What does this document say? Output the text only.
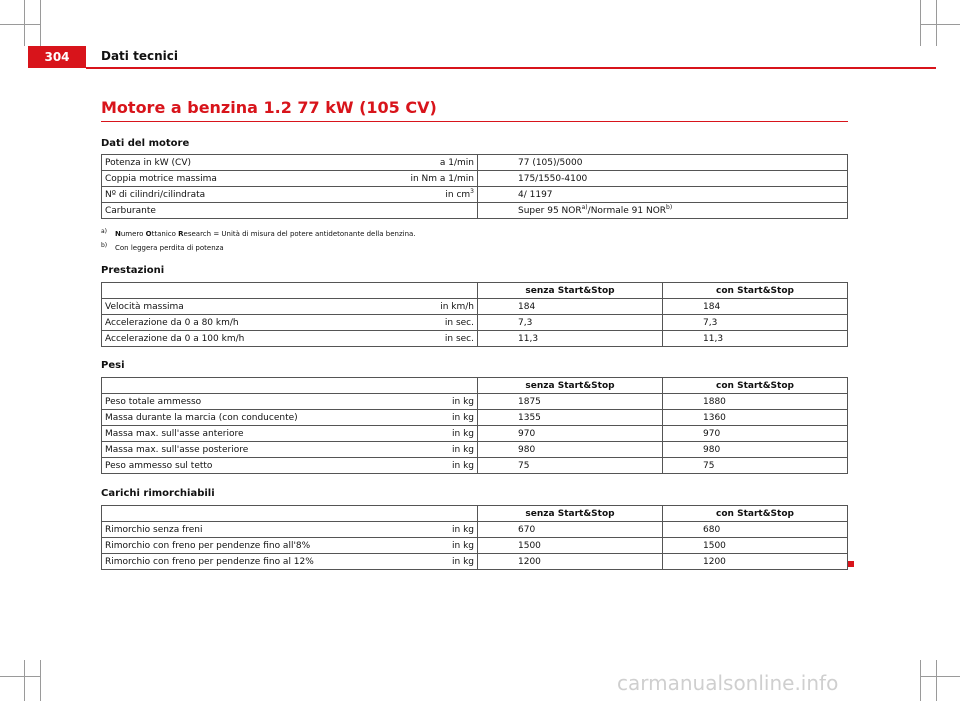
304	Dati tecnici
Motore a benzina 1.2 77 kW (105 CV)
Dati del motore
Potenza in kW (CV) a 1/min	77 (105)/5000

Coppia motrice massima in Nm a 1/min	175/1550-4100

Nº di cilindri/cilindrata in $cm^3$	4/ 1197
Carburante	Super 95 NOR$^{a)}$/Normale 91 NOR$^{b)}$
a) Numero Ottanico Research = Unità di misura del potere antidetonante della benzina.
b) Con leggera perdita di potenza
Prestazioni
	senza Start&Stop	con Start&Stop

Velocità massima in km/h	184	184

Accelerazione da 0 a 80 km/h in sec.	7,3	7,3

Accelerazione da 0 a 100 km/h in sec.	11,3	11,3
Pesi
	senza Start&Stop	con Start&Stop

Peso totale ammesso in kg	1875	1880

Massa durante la marcia (con conducente) in kg	1355	1360

Massa max. sull'asse anteriore in kg	970	970

Massa max. sull'asse posteriore in kg	980	980

Peso ammesso sul tetto in kg	75	75
Carichi rimorchiabili
	senza Start&Stop	con Start&Stop

Rimorchio senza freni in kg	670	680

Rimorchio con freno per pendenze fino all'8% in kg	1500	1500

Rimorchio con freno per pendenze fino al 12% in kg	1200	1200
carmanualsonline.info
